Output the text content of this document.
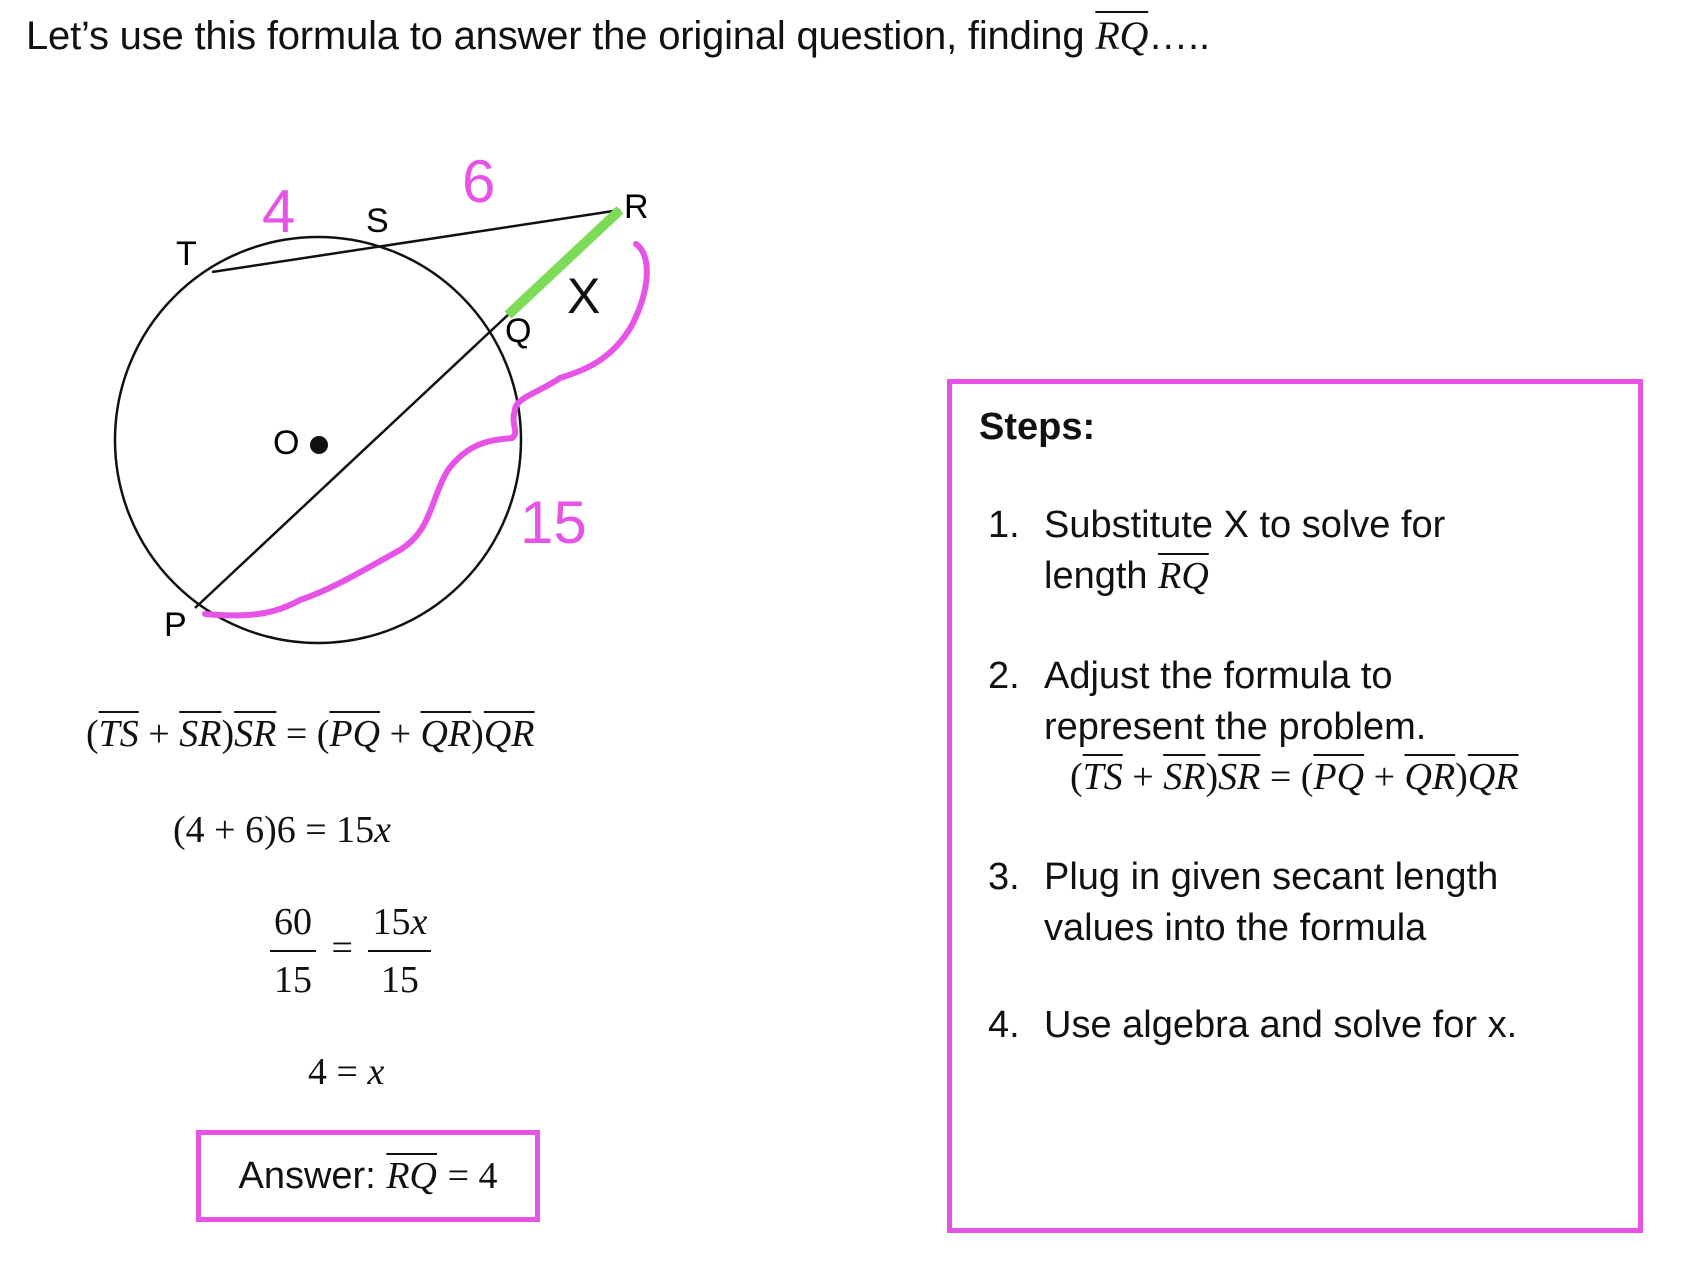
Let’s use this formula to answer the original question, finding $\overline{RQ}\dots$..
T
S	R
Q
O
P
4	6
15
X
$(\overline{TS} + \overline{SR})\overline{SR} = (\overline{PQ} + \overline{QR})\overline{QR}$
(4 + 6)6 = 15x
$\frac{60}{15} = \frac{15x}{15}$
4 = x
Answer:
$\overline{RQ}$
= 4
Steps:
1. Substitute X to solve for
length $\overline{RQ}$
2. Adjust the formula to
represent the problem.
$(\overline{TS} + \overline{SR})\overline{SR} = (\overline{PQ} + \overline{QR})\overline{QR}$
3. Plug in given secant length
values into the formula
4. Use algebra and solve for x.
